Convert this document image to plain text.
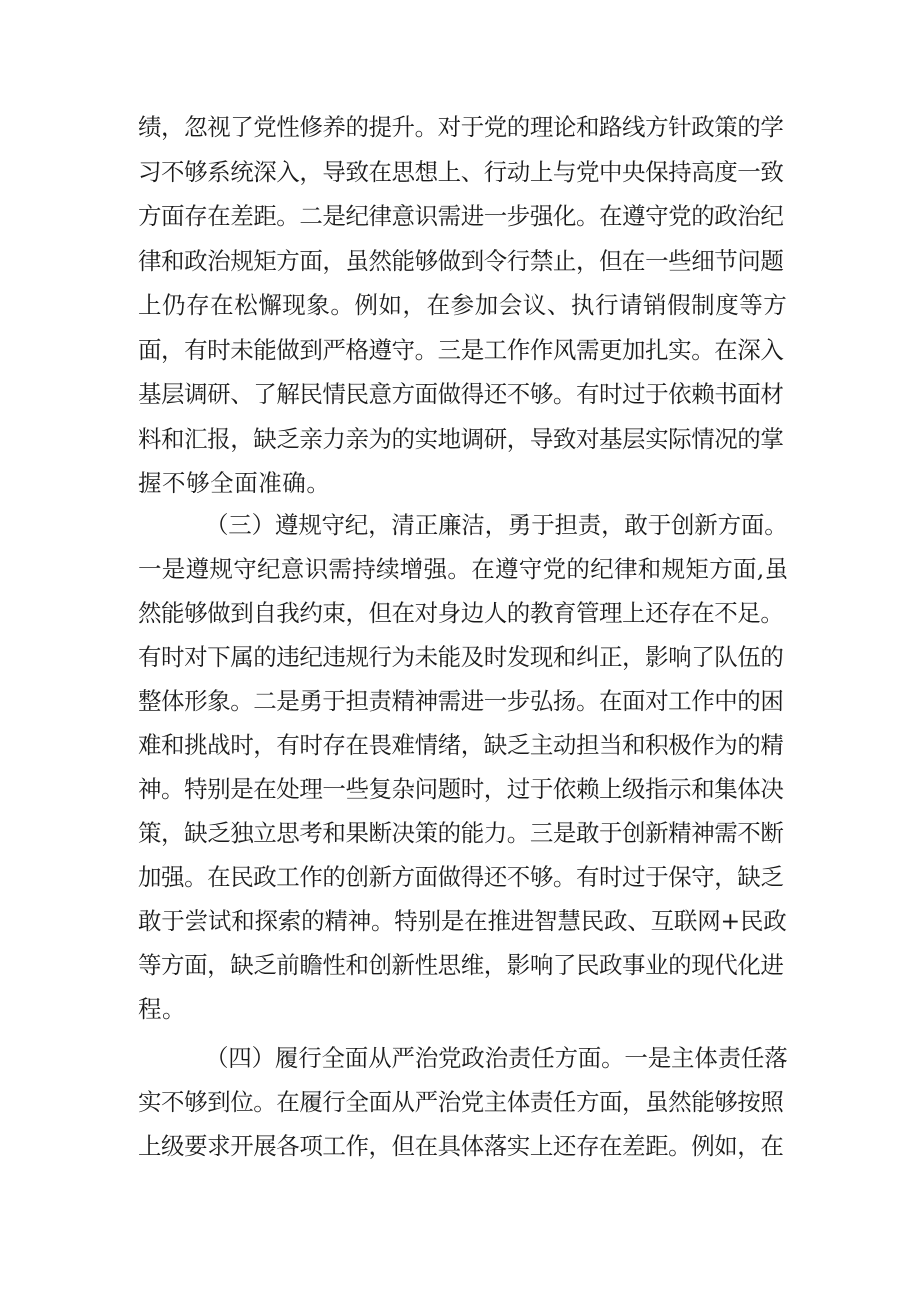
绩，忽视了党性修养的提升。对于党的理论和路线方针政策的学
习不够系统深入，导致在思想上、行动上与党中央保持高度一致
方面存在差距。二是纪律意识需进一步强化。在遵守党的政治纪
律和政治规矩方面，虽然能够做到令行禁止，但在一些细节问题
上仍存在松懈现象。例如，在参加会议、执行请销假制度等方
面，有时未能做到严格遵守。三是工作作风需更加扎实。在深入
基层调研、了解民情民意方面做得还不够。有时过于依赖书面材
料和汇报，缺乏亲力亲为的实地调研，导致对基层实际情况的掌
握不够全面准确。
（三）遵规守纪，清正廉洁，勇于担责，敢于创新方面。
一是遵规守纪意识需持续增强。在遵守党的纪律和规矩方面,虽
然能够做到自我约束，但在对身边人的教育管理上还存在不足。
有时对下属的违纪违规行为未能及时发现和纠正，影响了队伍的
整体形象。二是勇于担责精神需进一步弘扬。在面对工作中的困
难和挑战时，有时存在畏难情绪，缺乏主动担当和积极作为的精
神。特别是在处理一些复杂问题时，过于依赖上级指示和集体决
策，缺乏独立思考和果断决策的能力。三是敢于创新精神需不断
加强。在民政工作的创新方面做得还不够。有时过于保守，缺乏
敢于尝试和探索的精神。特别是在推进智慧民政、互联网+民政
等方面，缺乏前瞻性和创新性思维，影响了民政事业的现代化进
程。
（四）履行全面从严治党政治责任方面。一是主体责任落
实不够到位。在履行全面从严治党主体责任方面，虽然能够按照
上级要求开展各项工作，但在具体落实上还存在差距。例如，在
